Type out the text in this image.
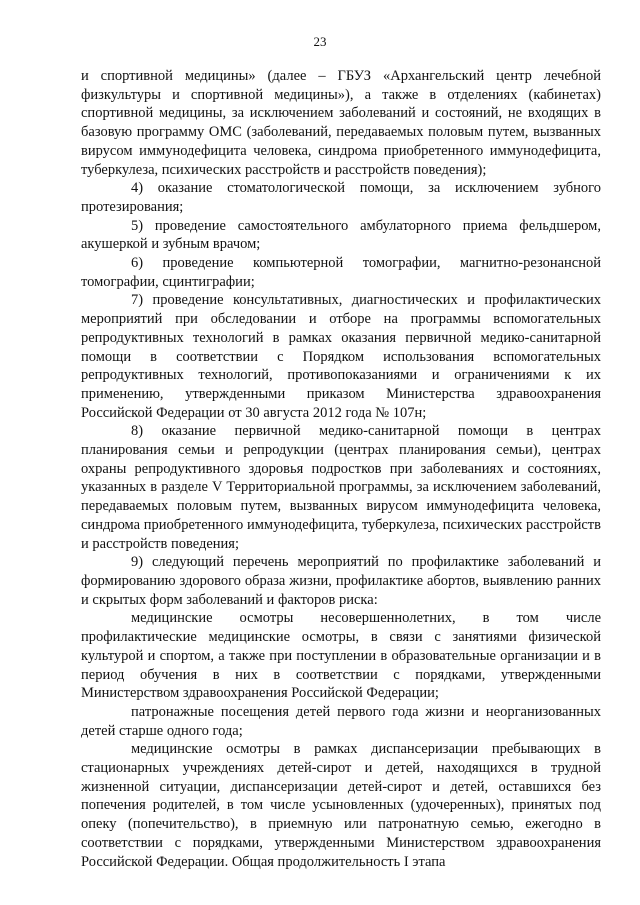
23

и спортивной медицины» (далее – ГБУЗ «Архангельский центр лечебной физкультуры и спортивной медицины»), а также в отделениях (кабинетах) спортивной медицины, за исключением заболеваний и состояний, не входящих в базовую программу ОМС (заболеваний, передаваемых половым путем, вызванных вирусом иммунодефицита человека, синдрома приобретенного иммунодефицита, туберкулеза, психических расстройств и расстройств поведения);

4) оказание стоматологической помощи, за исключением зубного протезирования;

5) проведение самостоятельного амбулаторного приема фельдшером, акушеркой и зубным врачом;

6) проведение компьютерной томографии, магнитно-резонансной томографии, сцинтиграфии;

7) проведение консультативных, диагностических и профилактических мероприятий при обследовании и отборе на программы вспомогательных репродуктивных технологий в рамках оказания первичной медико-санитарной помощи в соответствии с Порядком использования вспомогательных репродуктивных технологий, противопоказаниями и ограничениями к их применению, утвержденными приказом Министерства здравоохранения Российской Федерации от 30 августа 2012 года № 107н;

8) оказание первичной медико-санитарной помощи в центрах планирования семьи и репродукции (центрах планирования семьи), центрах охраны репродуктивного здоровья подростков при заболеваниях и состояниях, указанных в разделе V Территориальной программы, за исключением заболеваний, передаваемых половым путем, вызванных вирусом иммунодефицита человека, синдрома приобретенного иммунодефицита, туберкулеза, психических расстройств и расстройств поведения;

9) следующий перечень мероприятий по профилактике заболеваний и формированию здорового образа жизни, профилактике абортов, выявлению ранних и скрытых форм заболеваний и факторов риска:

медицинские осмотры несовершеннолетних, в том числе профилактические медицинские осмотры, в связи с занятиями физической культурой и спортом, а также при поступлении в образовательные организации и в период обучения в них в соответствии с порядками, утвержденными Министерством здравоохранения Российской Федерации;

патронажные посещения детей первого года жизни и неорганизованных детей старше одного года;

медицинские осмотры в рамках диспансеризации пребывающих в стационарных учреждениях детей-сирот и детей, находящихся в трудной жизненной ситуации, диспансеризации детей-сирот и детей, оставшихся без попечения родителей, в том числе усыновленных (удочеренных), принятых под опеку (попечительство), в приемную или патронатную семью, ежегодно в соответствии с порядками, утвержденными Министерством здравоохранения Российской Федерации. Общая продолжительность I этапа
